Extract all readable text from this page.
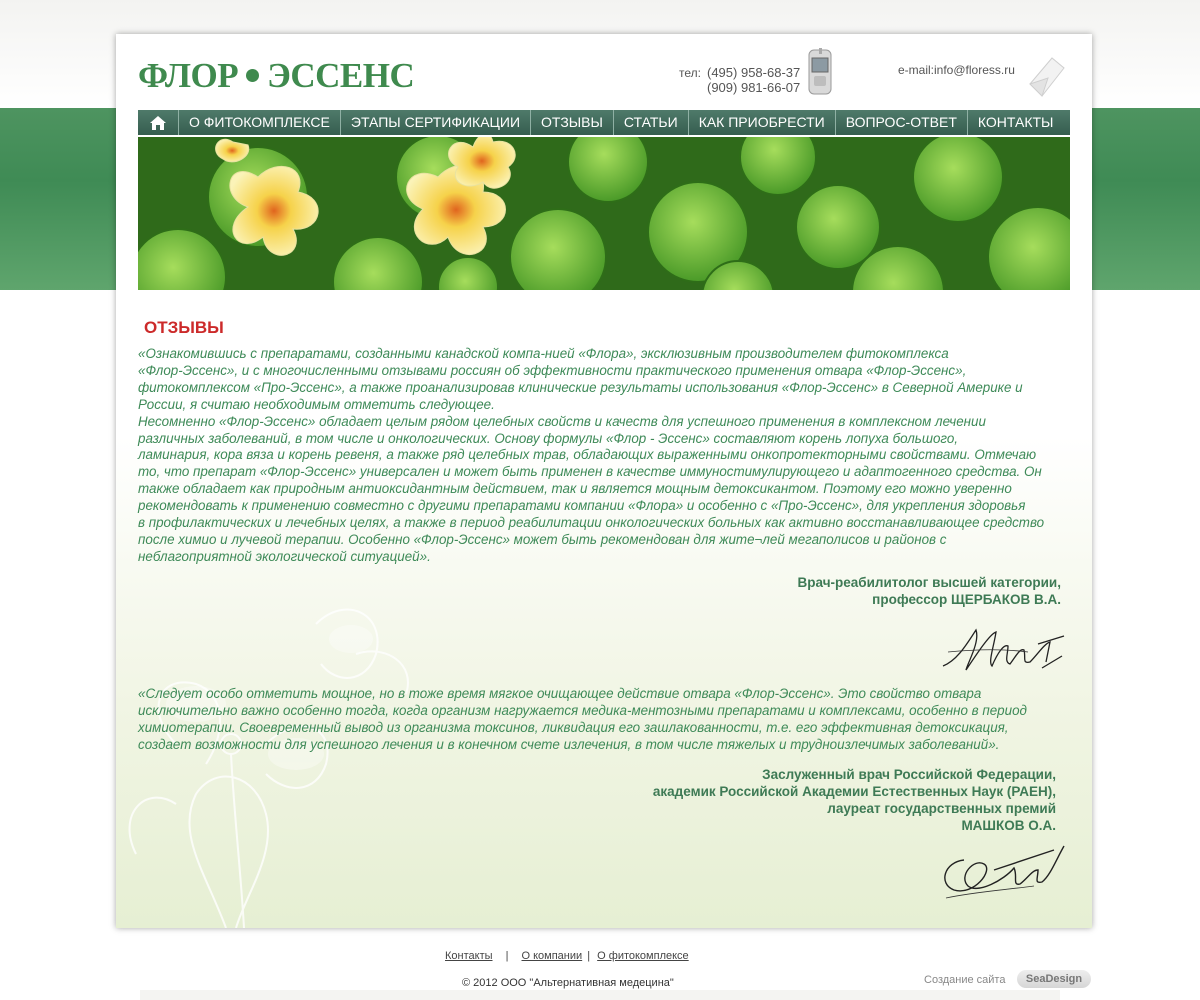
ФЛОР ЭССЕНС	тел: (495) 958-68-37
(909) 981-66-07
e-mail:info@floress.ru
О ФИТОКОМПЛЕКСЕ	ЭТАПЫ СЕРТИФИКАЦИИ	ОТЗЫВЫ	СТАТЬИ	КАК ПРИОБРЕСТИ	ВОПРОС-ОТВЕТ	КОНТАКТЫ
ОТЗЫВЫ
«Ознакомившись с препаратами, созданными канадской компа-нией «Флора», эксклюзивным производителем фитокомплекса
«Флор-Эссенс», и с многочисленными отзывами россиян об эффективности практического применения отвара «Флор-Эссенс»,
фитокомплексом «Про-Эссенс», а также проанализировав клинические результаты использования «Флор-Эссенс» в Северной Америке и
России, я считаю необходимым отметить следующее.
Несомненно «Флор-Эссенс» обладает целым рядом целебных свойств и качеств для успешного применения в комплексном лечении
различных заболеваний, в том числе и онкологических. Основу формулы «Флор - Эссенс» составляют корень лопуха большого,
ламинария, кора вяза и корень ревеня, а также ряд целебных трав, обладающих выраженными онкопротекторными свойствами. Отмечаю
то, что препарат «Флор-Эссенс» универсален и может быть применен в качестве иммуностимулирующего и адаптогенного средства. Он
также обладает как природным антиоксидантным действием, так и является мощным детоксикантом. Поэтому его можно уверенно
рекомендовать к применению совместно с другими препаратами компании «Флора» и особенно с «Про-Эссенс», для укрепления здоровья
в профилактических и лечебных целях, а также в период реабилитации онкологических больных как активно восстанавливающее средство
после химио и лучевой терапии. Особенно «Флор-Эссенс» может быть рекомендован для жите¬лей мегаполисов и районов с
неблагоприятной экологической ситуацией».
Врач-реабилитолог высшей категории,
профессор ЩЕРБАКОВ В.А.
«Следует особо отметить мощное, но в тоже время мягкое очищающее действие отвара «Флор-Эссенс». Это свойство отвара
исключительно важно особенно тогда, когда организм нагружается медика-ментозными препаратами и комплексами, особенно в период
химиотерапии. Своевременный вывод из организма токсинов, ликвидация его зашлакованности, т.е. его эффективная детоксикация,
создает возможности для успешного лечения и в конечном счете излечения, в том числе тяжелых и трудноизлечимых заболеваний».
Заслуженный врач Российской Федерации,
академик Российской Академии Естественных Наук (РАЕН),
лауреат государственных премий
МАШКОВ О.А.
Контакты | О компании | О фитокомплексе
© 2012 ООО "Альтернативная медецина"	Создание сайта	SeaDesign
